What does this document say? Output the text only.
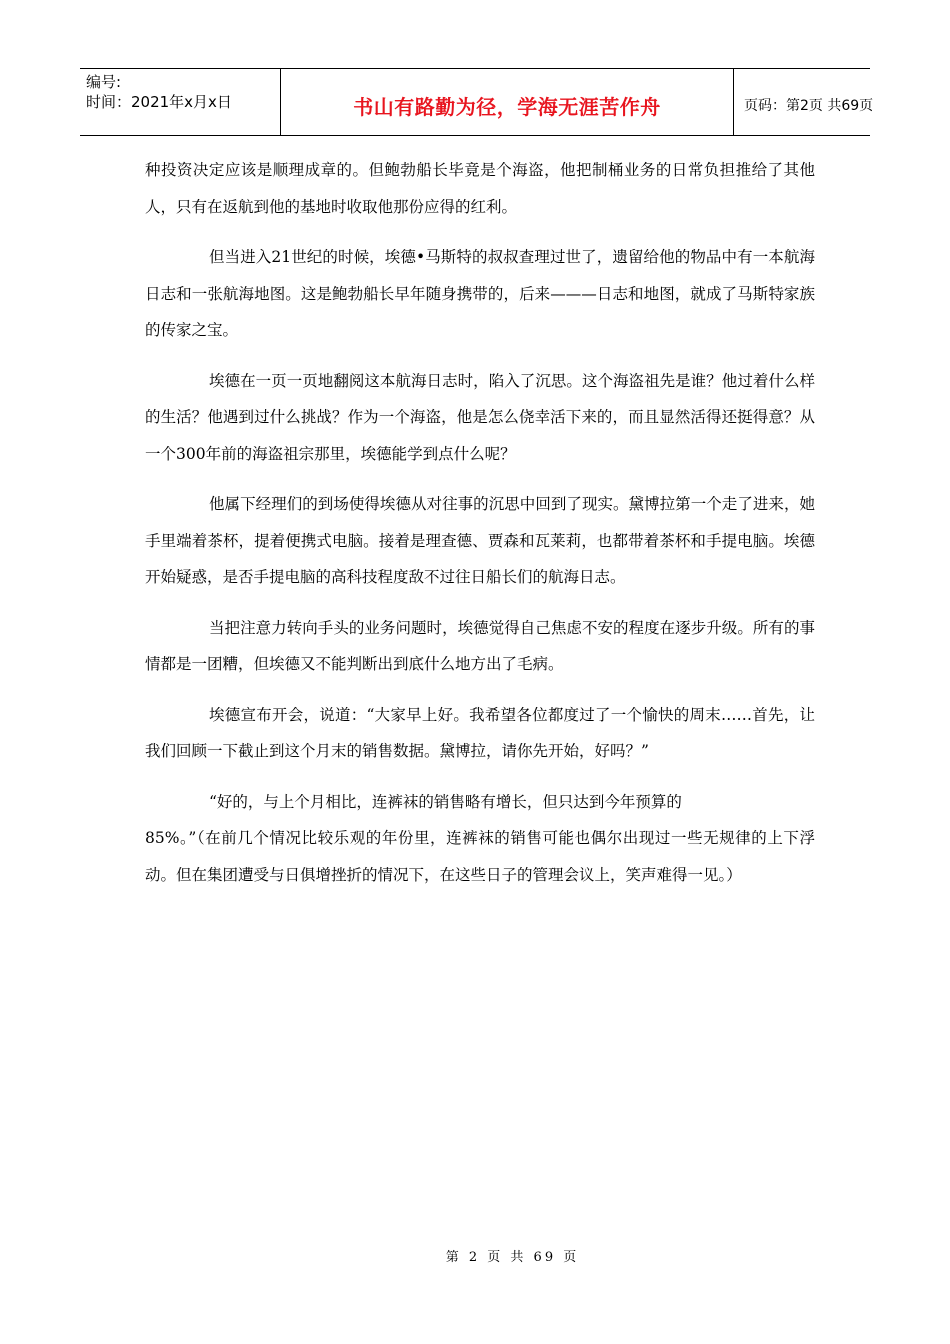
编号:
时间：2021年x月x日	书山有路勤为径，学海无涯苦作舟	页码：第2页 共69页

种投资决定应该是顺理成章的。但鲍勃船长毕竟是个海盗，他把制桶业务的日常负担推给了其他人，只有在返航到他的基地时收取他那份应得的红利。

但当进入21世纪的时候，埃德•马斯特的叔叔查理过世了，遗留给他的物品中有一本航海日志和一张航海地图。这是鲍勃船长早年随身携带的，后来———日志和地图，就成了马斯特家族的传家之宝。

埃德在一页一页地翻阅这本航海日志时，陷入了沉思。这个海盗祖先是谁？他过着什么样的生活？他遇到过什么挑战？作为一个海盗，他是怎么侥幸活下来的，而且显然活得还挺得意？从一个300年前的海盗祖宗那里，埃德能学到点什么呢？

他属下经理们的到场使得埃德从对往事的沉思中回到了现实。黛博拉第一个走了进来，她手里端着茶杯，提着便携式电脑。接着是理查德、贾森和瓦莱莉，也都带着茶杯和手提电脑。埃德开始疑惑，是否手提电脑的高科技程度敌不过往日船长们的航海日志。

当把注意力转向手头的业务问题时，埃德觉得自己焦虑不安的程度在逐步升级。所有的事情都是一团糟，但埃德又不能判断出到底什么地方出了毛病。

埃德宣布开会，说道：“大家早上好。我希望各位都度过了一个愉快的周末……首先，让我们回顾一下截止到这个月末的销售数据。黛博拉，请你先开始，好吗？”

“好的，与上个月相比，连裤袜的销售略有增长，但只达到今年预算的

85%。”（在前几个情况比较乐观的年份里，连裤袜的销售可能也偶尔出现过一些无规律的上下浮动。但在集团遭受与日俱增挫折的情况下，在这些日子的管理会议上，笑声难得一见。）

第 2 页 共 69 页
